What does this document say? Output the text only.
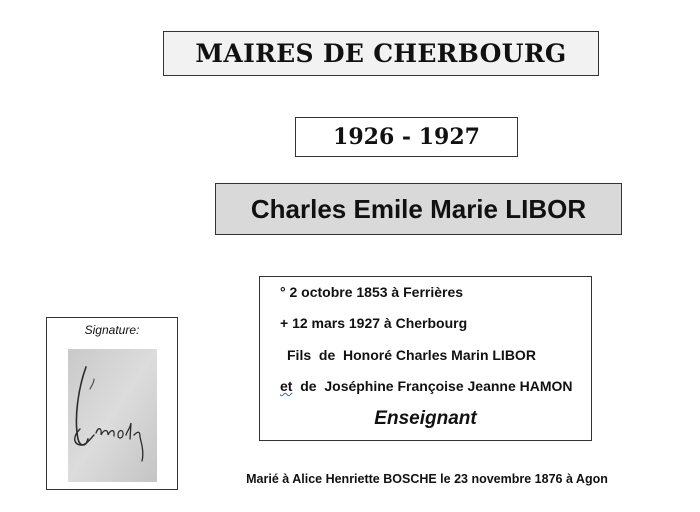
MAIRES DE CHERBOURG
1926 - 1927
Charles Emile Marie LIBOR
° 2 octobre 1853 à Ferrières
+ 12 mars 1927 à Cherbourg
Fils  de  Honoré Charles Marin LIBOR
et  de  Joséphine Françoise Jeanne HAMON
Enseignant
Signature:
Marié à Alice Henriette BOSCHE le 23 novembre 1876 à Agon
